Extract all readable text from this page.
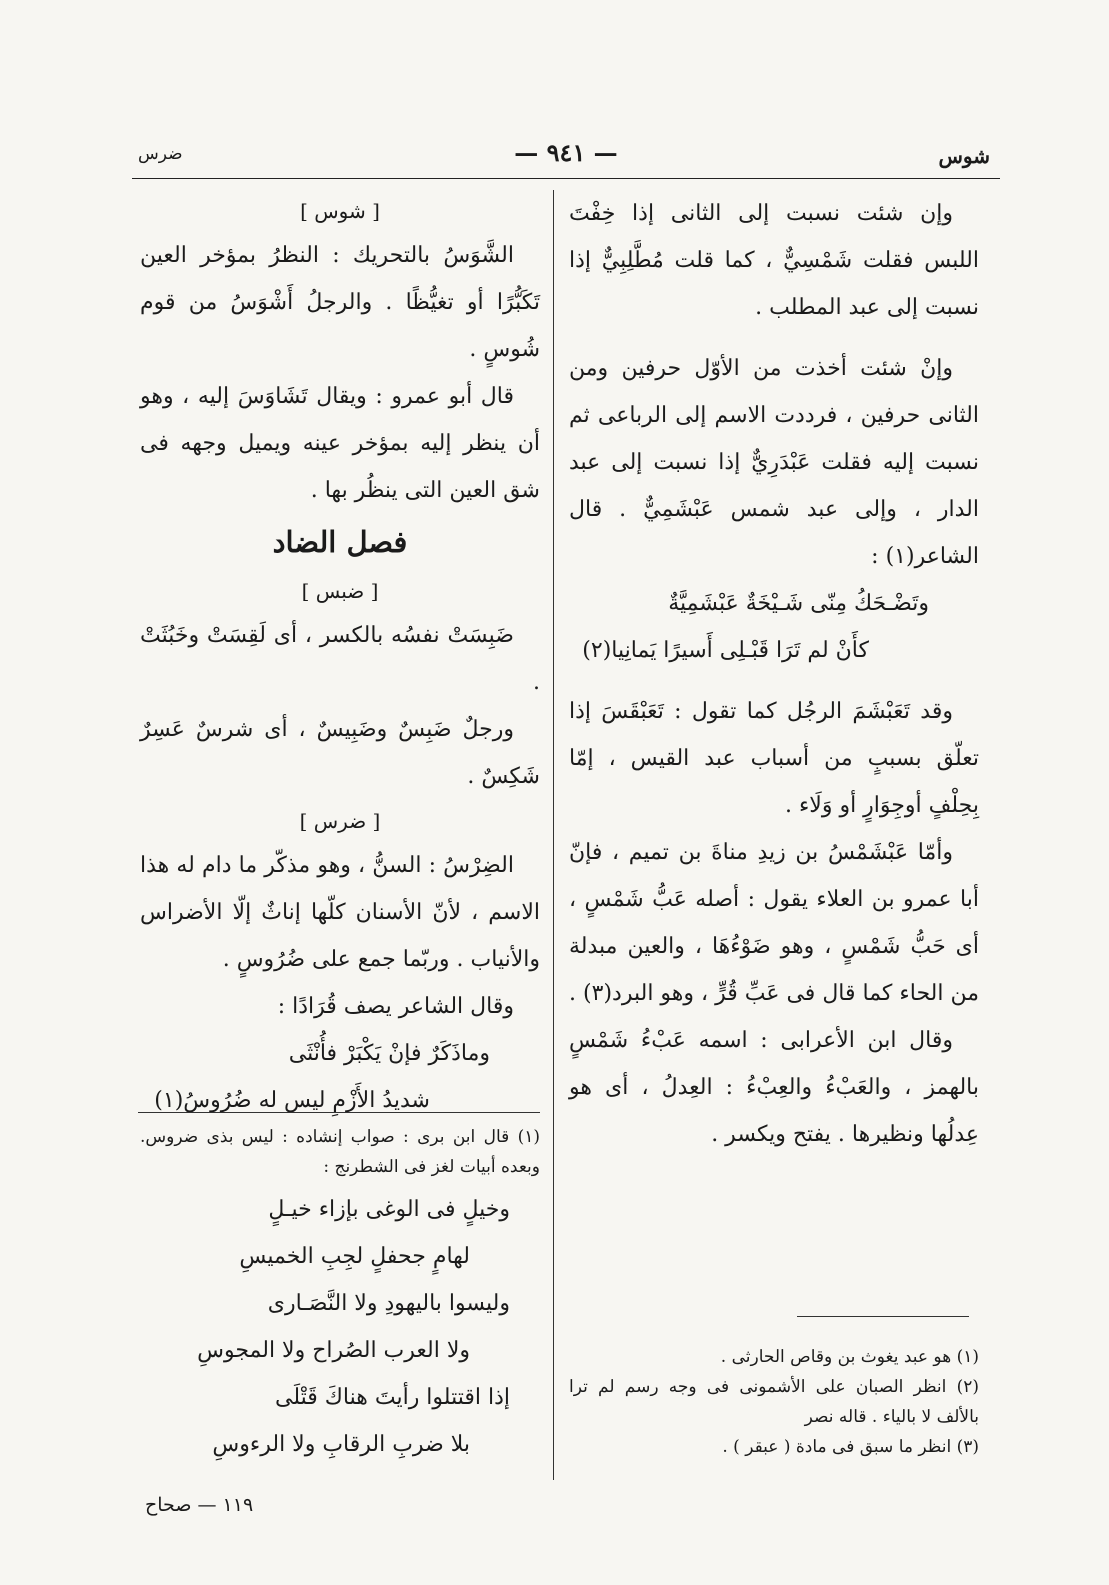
شوس
— ٩٤١ —
ضرس

وإن شئت نسبت إلى الثانى إذا خِفْتَ اللبس فقلت شَمْسِيٌّ ، كما قلت مُطَّلِبِيٌّ إذا نسبت إلى عبد المطلب .

وإنْ شئت أخذت من الأوّل حرفين ومن الثانى حرفين ، فرددت الاسم إلى الرباعى ثم نسبت إليه فقلت عَبْدَرِيٌّ إذا نسبت إلى عبد الدار ، وإلى عبد شمس عَبْشَمِيٌّ . قال الشاعر(١) :

وتَضْـحَكُ مِنّى شَـيْخَةٌ عَبْشَمِيَّةٌ
كأَنْ لم تَرَا قَبْـلِى أَسيرًا يَمانِيا(٢)

وقد تَعَبْشَمَ الرجُل كما تقول : تَعَبْقَسَ إذا تعلّق بسببٍ من أسباب عبد القيس ، إمّا بِحِلْفٍ أوجِوَارٍ أو وَلَاء .

وأمّا عَبْشَمْسُ بن زيدِ مناةَ بن تميم ، فإنّ أبا عمرو بن العلاء يقول : أصله عَبُّ شَمْسٍ ، أى حَبُّ شَمْسٍ ، وهو ضَوْءُهَا ، والعين مبدلة من الحاء كما قال فى عَبِّ قُرٍّ ، وهو البرد(٣) .

وقال ابن الأعرابى : اسمه عَبْءُ شَمْسٍ بالهمز ، والعَبْءُ والعِبْءُ : العِدلُ ، أى هو عِدلُها ونظيرها . يفتح ويكسر .

[ شوس ]

الشَّوَسُ بالتحريك : النظرُ بمؤخر العين تَكَبُّرًا أو تغيُّظًا . والرجلُ أَشْوَسُ من قوم شُوسٍ .

قال أبو عمرو : ويقال تَشَاوَسَ إليه ، وهو أن ينظر إليه بمؤخر عينه ويميل وجهه فى شق العين التى ينظُر بها .

فصل الضاد

[ ضبس ]

ضَبِسَتْ نفسُه بالكسر ، أى لَقِسَتْ وخَبُثَتْ .

ورجلٌ ضَبِسٌ وضَبِيسٌ ، أى شرسٌ عَسِرٌ شَكِسٌ .

[ ضرس ]

الضِرْسُ : السنُّ ، وهو مذكّر ما دام له هذا الاسم ، لأنّ الأسنان كلّها إناثٌ إلّا الأضراس والأنياب . وربّما جمع على ضُرُوسٍ .

وقال الشاعر يصف قُرَادًا :

وماذَكَرٌ فإنْ يَكْبَرْ فأُنْثَى
شديدُ الأَزْمِ ليس له ضُرُوسُ(١)

(١) هو عبد يغوث بن وقاص الحارثى .

(٢) انظر الصبان على الأشمونى فى وجه رسم لم ترا بالألف لا بالياء . قاله نصر

(٣) انظر ما سبق فى مادة ( عبقر ) .

(١) قال ابن برى : صواب إنشاده : ليس بذى ضروس. وبعده أبيات لغز فى الشطرنج :

وخيلٍ فى الوغى بإزاء خيـلٍ

لهامٍ جحفلٍ لجِبِ الخميسِ

وليسوا باليهودِ ولا النَّصَـارى

ولا العرب الصُراح ولا المجوسِ

إذا اقتتلوا رأيتَ هناكَ قَتْلَى

بلا ضربِ الرقابِ ولا الرءوسِ

١١٩ — صحاح
